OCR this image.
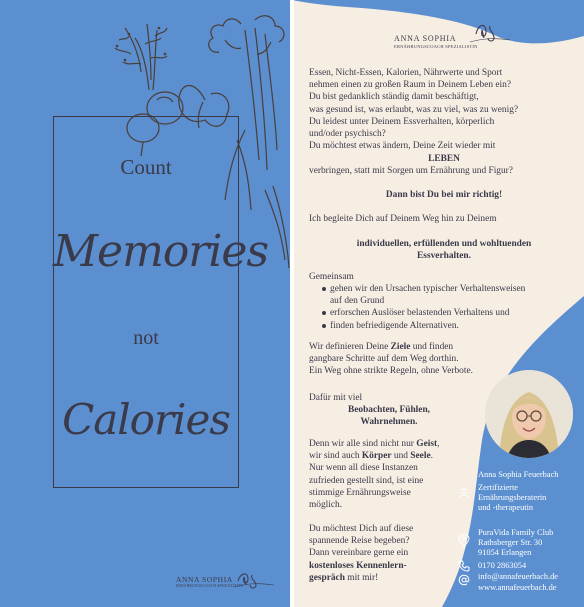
Count
Memories
not
Calories
ANNA SOPHIA
ERNÄHRUNGSCOACH SPEZIALISTIN
ANNA SOPHIA
ERNÄHRUNGSCOACH SPEZIALISTIN
Essen, Nicht-Essen, Kalorien, Nährwerte und Sport
nehmen einen zu großen Raum in Deinem Leben ein?
Du bist gedanklich ständig damit beschäftigt,
was gesund ist, was erlaubt, was zu viel, was zu wenig?
Du leidest unter Deinem Essverhalten, körperlich
und/oder psychisch?
Du möchtest etwas ändern, Deine Zeit wieder mit
LEBEN
verbringen, statt mit Sorgen um Ernährung und Figur?
Dann bist Du bei mir richtig!
Ich begleite Dich auf Deinem Weg hin zu Deinem
individuellen, erfüllenden und wohltuenden
Essverhalten.
Gemeinsam
gehen wir den Ursachen typischer Verhaltensweisen
auf den Grund
erforschen Auslöser belastenden Verhaltens und
finden befriedigende Alternativen.
Wir definieren Deine Ziele und finden
gangbare Schritte auf dem Weg dorthin.
Ein Weg ohne strikte Regeln, ohne Verbote.
Dafür mit viel
Beobachten, Fühlen,
Wahrnehmen.
Denn wir alle sind nicht nur Geist,
wir sind auch Körper und Seele.
Nur wenn all diese Instanzen
zufrieden gestellt sind, ist eine
stimmige Ernährungsweise
möglich.
Du möchtest Dich auf diese
spannende Reise begeben?
Dann vereinbare gerne ein
kostenloses Kennenlern-
gespräch mit mir!
Anna Sophia Feuerbach
Zertifizierte
Ernährungsberaterin
und -therapeutin
PuraVida Family Club
Rathsberger Str. 30
91054 Erlangen
0170 2863054
info@annafeuerbach.de
www.annafeuerbach.de
